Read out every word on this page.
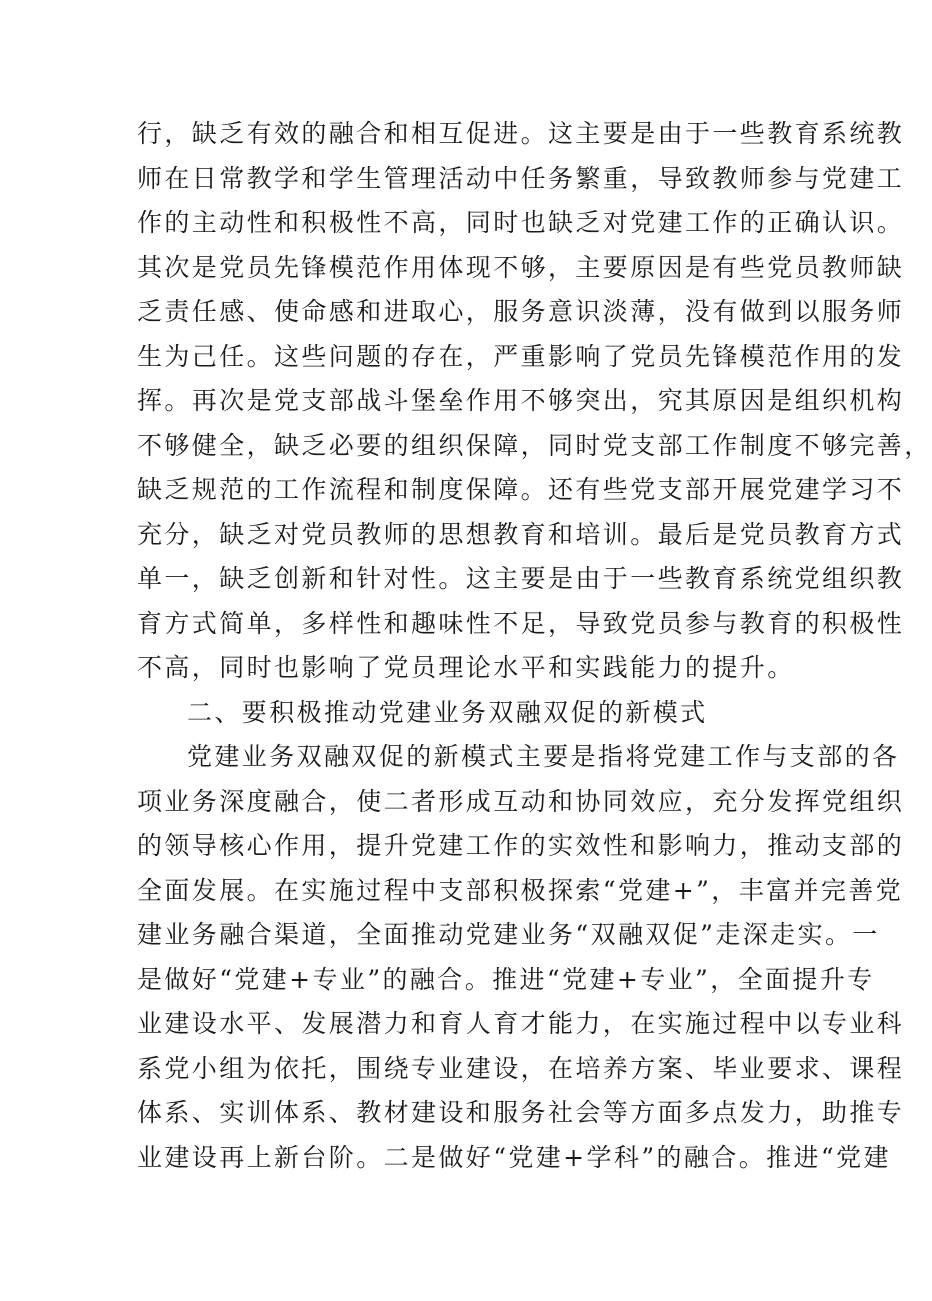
行，缺乏有效的融合和相互促进。这主要是由于一些教育系统教
师在日常教学和学生管理活动中任务繁重，导致教师参与党建工
作的主动性和积极性不高，同时也缺乏对党建工作的正确认识。
其次是党员先锋模范作用体现不够，主要原因是有些党员教师缺
乏责任感、使命感和进取心，服务意识淡薄，没有做到以服务师
生为己任。这些问题的存在，严重影响了党员先锋模范作用的发
挥。再次是党支部战斗堡垒作用不够突出，究其原因是组织机构
不够健全，缺乏必要的组织保障，同时党支部工作制度不够完善，
缺乏规范的工作流程和制度保障。还有些党支部开展党建学习不
充分，缺乏对党员教师的思想教育和培训。最后是党员教育方式
单一，缺乏创新和针对性。这主要是由于一些教育系统党组织教
育方式简单，多样性和趣味性不足，导致党员参与教育的积极性
不高，同时也影响了党员理论水平和实践能力的提升。
二、要积极推动党建业务双融双促的新模式
党建业务双融双促的新模式主要是指将党建工作与支部的各
项业务深度融合，使二者形成互动和协同效应，充分发挥党组织
的领导核心作用，提升党建工作的实效性和影响力，推动支部的
全面发展。在实施过程中支部积极探索“党建+”，丰富并完善党
建业务融合渠道，全面推动党建业务“双融双促”走深走实。一
是做好“党建+专业”的融合。推进“党建+专业”，全面提升专
业建设水平、发展潜力和育人育才能力，在实施过程中以专业科
系党小组为依托，围绕专业建设，在培养方案、毕业要求、课程
体系、实训体系、教材建设和服务社会等方面多点发力，助推专
业建设再上新台阶。二是做好“党建+学科”的融合。推进“党建
